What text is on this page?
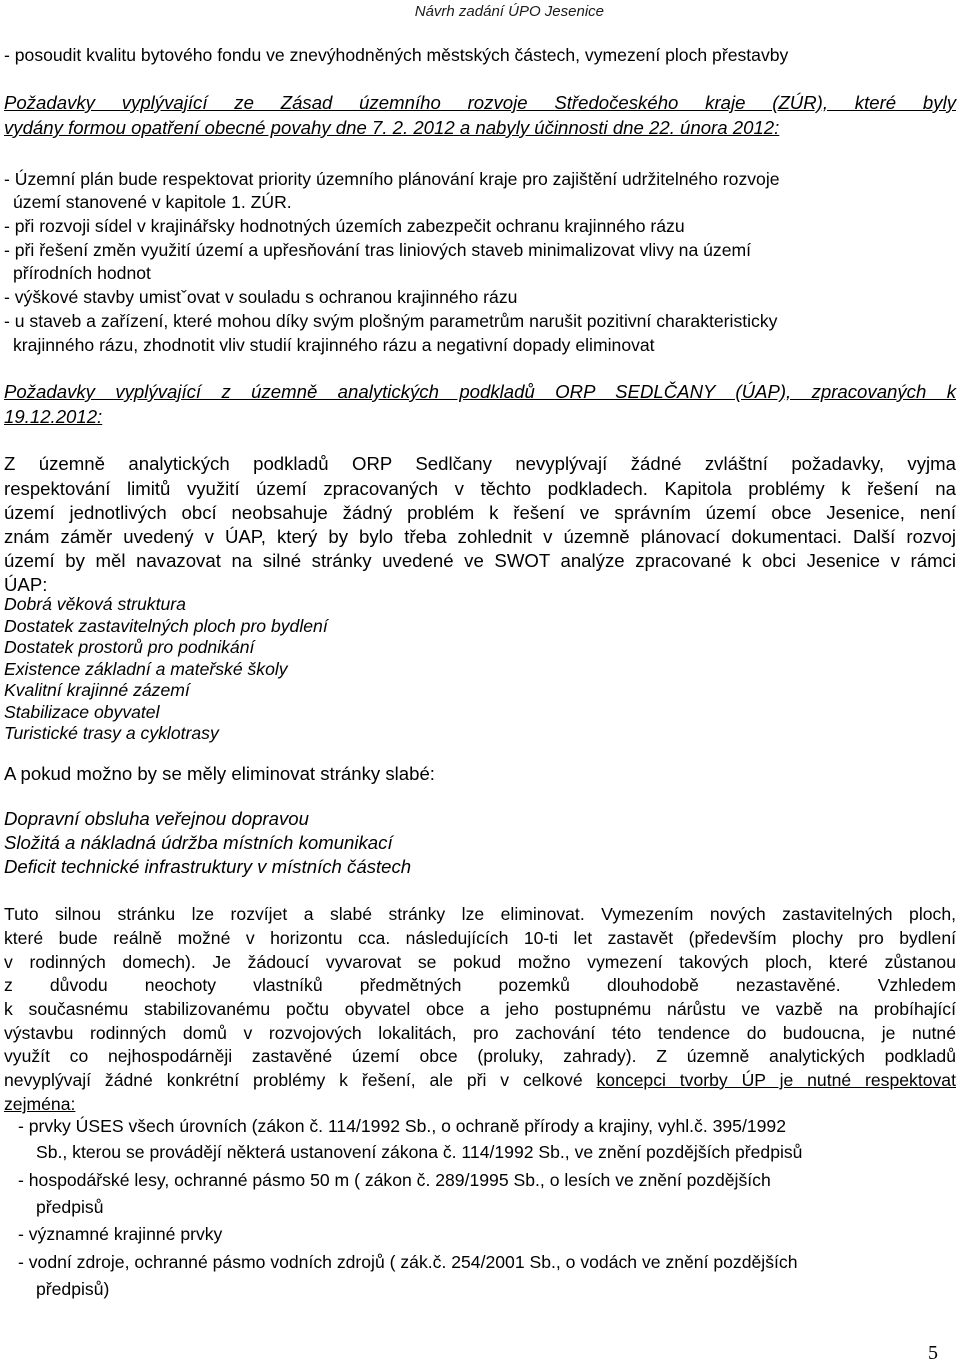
Návrh zadání ÚPO Jesenice
- posoudit kvalitu bytového fondu ve znevýhodněných městských částech, vymezení ploch přestavby
Požadavky vyplývající ze Zásad územního rozvoje Středočeského kraje (ZÚR), které byly
vydány formou opatření obecné povahy dne 7. 2. 2012 a nabyly účinnosti dne 22. února 2012:
- Územní plán bude respektovat priority územního plánování kraje pro zajištění udržitelného rozvoje
území stanovené v kapitole 1. ZÚR.
- při rozvoji sídel v krajinářsky hodnotných územích zabezpečit ochranu krajinného rázu
- při řešení změn využití území a upřesňování tras liniových staveb minimalizovat vlivy na území
přírodních hodnot
- výškové stavby umistˇovat v souladu s ochranou krajinného rázu
- u staveb a zařízení, které mohou díky svým plošným parametrům narušit pozitivní charakteristicky
krajinného rázu, zhodnotit vliv studií krajinného rázu a negativní dopady eliminovat
Požadavky vyplývající z územně analytických podkladů ORP SEDLČANY (ÚAP), zpracovaných k
19.12.2012:
Z územně analytických podkladů ORP Sedlčany nevyplývají žádné zvláštní požadavky, vyjma
respektování limitů využití území zpracovaných v těchto podkladech. Kapitola problémy k řešení na
území jednotlivých obcí neobsahuje žádný problém k řešení ve správním území obce Jesenice, není
znám záměr uvedený v ÚAP, který by bylo třeba zohlednit v územně plánovací dokumentaci. Další rozvoj
území by měl navazovat na silné stránky uvedené ve SWOT analýze zpracované k obci Jesenice v rámci
ÚAP:
Dobrá věková struktura
Dostatek zastavitelných ploch pro bydlení
Dostatek prostorů pro podnikání
Existence základní a mateřské školy
Kvalitní krajinné zázemí
Stabilizace obyvatel
Turistické trasy a cyklotrasy
A pokud možno by se měly eliminovat stránky slabé:
Dopravní obsluha veřejnou dopravou
Složitá a nákladná údržba místních komunikací
Deficit technické infrastruktury v místních částech
Tuto silnou stránku lze rozvíjet a slabé stránky lze eliminovat. Vymezením nových zastavitelných ploch,
které bude reálně možné v horizontu cca. následujících 10-ti let zastavět (především plochy pro bydlení
v rodinných domech). Je žádoucí vyvarovat se pokud možno vymezení takových ploch, které zůstanou
z důvodu neochoty vlastníků předmětných pozemků dlouhodobě nezastavěné. Vzhledem
k současnému stabilizovanému počtu obyvatel obce a jeho postupnému nárůstu ve vazbě na probíhající
výstavbu rodinných domů v rozvojových lokalitách, pro zachování této tendence do budoucna, je nutné
využít co nejhospodárněji zastavěné území obce (proluky, zahrady). Z územně analytických podkladů
nevyplývají žádné konkrétní problémy k řešení, ale při v celkové koncepci tvorby ÚP je nutné respektovat
zejména:
- prvky ÚSES všech úrovních (zákon č. 114/1992 Sb., o ochraně přírody a krajiny, vyhl.č. 395/1992
Sb., kterou se provádějí některá ustanovení zákona č. 114/1992 Sb., ve znění pozdějších předpisů
- hospodářské lesy, ochranné pásmo 50 m ( zákon č. 289/1995 Sb., o lesích ve znění pozdějších
předpisů
- významné krajinné prvky
- vodní zdroje, ochranné pásmo vodních zdrojů ( zák.č. 254/2001 Sb., o vodách ve znění pozdějších
předpisů)
5
